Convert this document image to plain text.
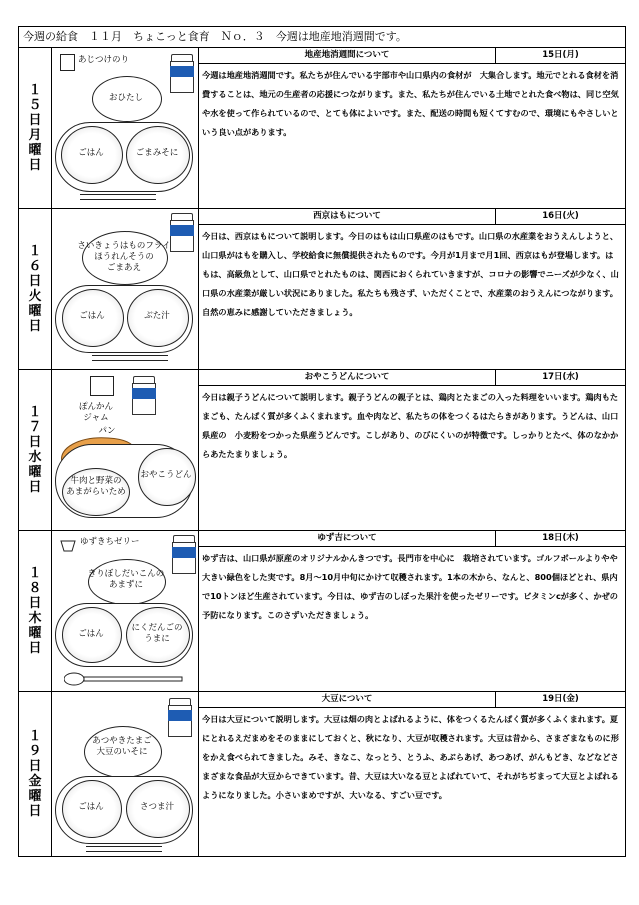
今週の給食　１１月　ちょこっと食育　Ｎｏ．３　今週は地産地消週間です。
１５日月曜日
あじつけのり
おひたし
ごはん	ごまみそに
地産地消週間について	15日(月)
今週は地産地消週間です。私たちが住んでいる宇部市や山口県内の食材が　大集合します。地元でとれる食材を消費することは、地元の生産者の応援につながります。また、私たちが住んでいる土地でとれた食べ物は、同じ空気や水を使って作られているので、とても体によいです。また、配送の時間も短くてすむので、環境にもやさしいという良い点があります。
１６日火曜日
さいきょうはものフライ
ほうれんそうの
ごまあえ
ごはん	ぶた汁
西京はもについて	16日(火)
今日は、西京はもについて説明します。今日のはもは山口県産のはもです。山口県の水産業をおうえんしようと、山口県がはもを購入し、学校給食に無償提供されたものです。今月が1月まで月1回、西京はもが登場します。はもは、高級魚として、山口県でとれたものは、関西におくられていきますが、コロナの影響でニーズが少なく、山口県の水産業が厳しい状況にありました。私たちも残さず、いただくことで、水産業のおうえんにつながります。自然の恵みに感謝していただきましょう。
１７日水曜日
ぽんかん
ジャム
パン
牛肉と野菜の
あまがらいため
おやこうどん
おやこうどんについて	17日(水)
今日は親子うどんについて説明します。親子うどんの親子とは、鶏肉とたまごの入った料理をいいます。鶏肉もたまごも、たんぱく質が多くふくまれます。血や肉など、私たちの体をつくるはたらきがあります。うどんは、山口県産の　小麦粉をつかった県産うどんです。こしがあり、のびにくいのが特徴です。しっかりとたべ、体のなかからあたたまりましょう。
１８日木曜日
ゆずきちゼリー
きりぼしだいこんの
あまずに
ごはん
にくだんごの
うまに
ゆず吉について	18日(木)
ゆず吉は、山口県が原産のオリジナルかんきつです。長門市を中心に　栽培されています。ゴルフボールよりやや大きい緑色をした実です。8月～10月中旬にかけて収穫されます。1本の木から、なんと、800個ほどとれ、県内で10トンほど生産されています。今日は、ゆず吉のしぼった果汁を使ったゼリーです。ビタミンcが多く、かぜの予防になります。このさずいただきましょう。
１９日金曜日
あつやきたまご
大豆のいそに
ごはん	さつま汁
大豆について	19日(金)
今日は大豆について説明します。大豆は畑の肉とよばれるように、体をつくるたんぱく質が多くふくまれます。夏にとれるえだまめをそのままにしておくと、秋になり、大豆が収穫されます。大豆は昔から、さまざまなものに形をかえ食べられてきました。みそ、きなこ、なっとう、とうふ、あぶらあげ、あつあげ、がんもどき、などなどさまざまな食品が大豆からできています。昔、大豆は大いなる豆とよばれていて、それがちぢまって大豆とよばれるようになりました。小さいまめですが、大いなる、すごい豆です。
